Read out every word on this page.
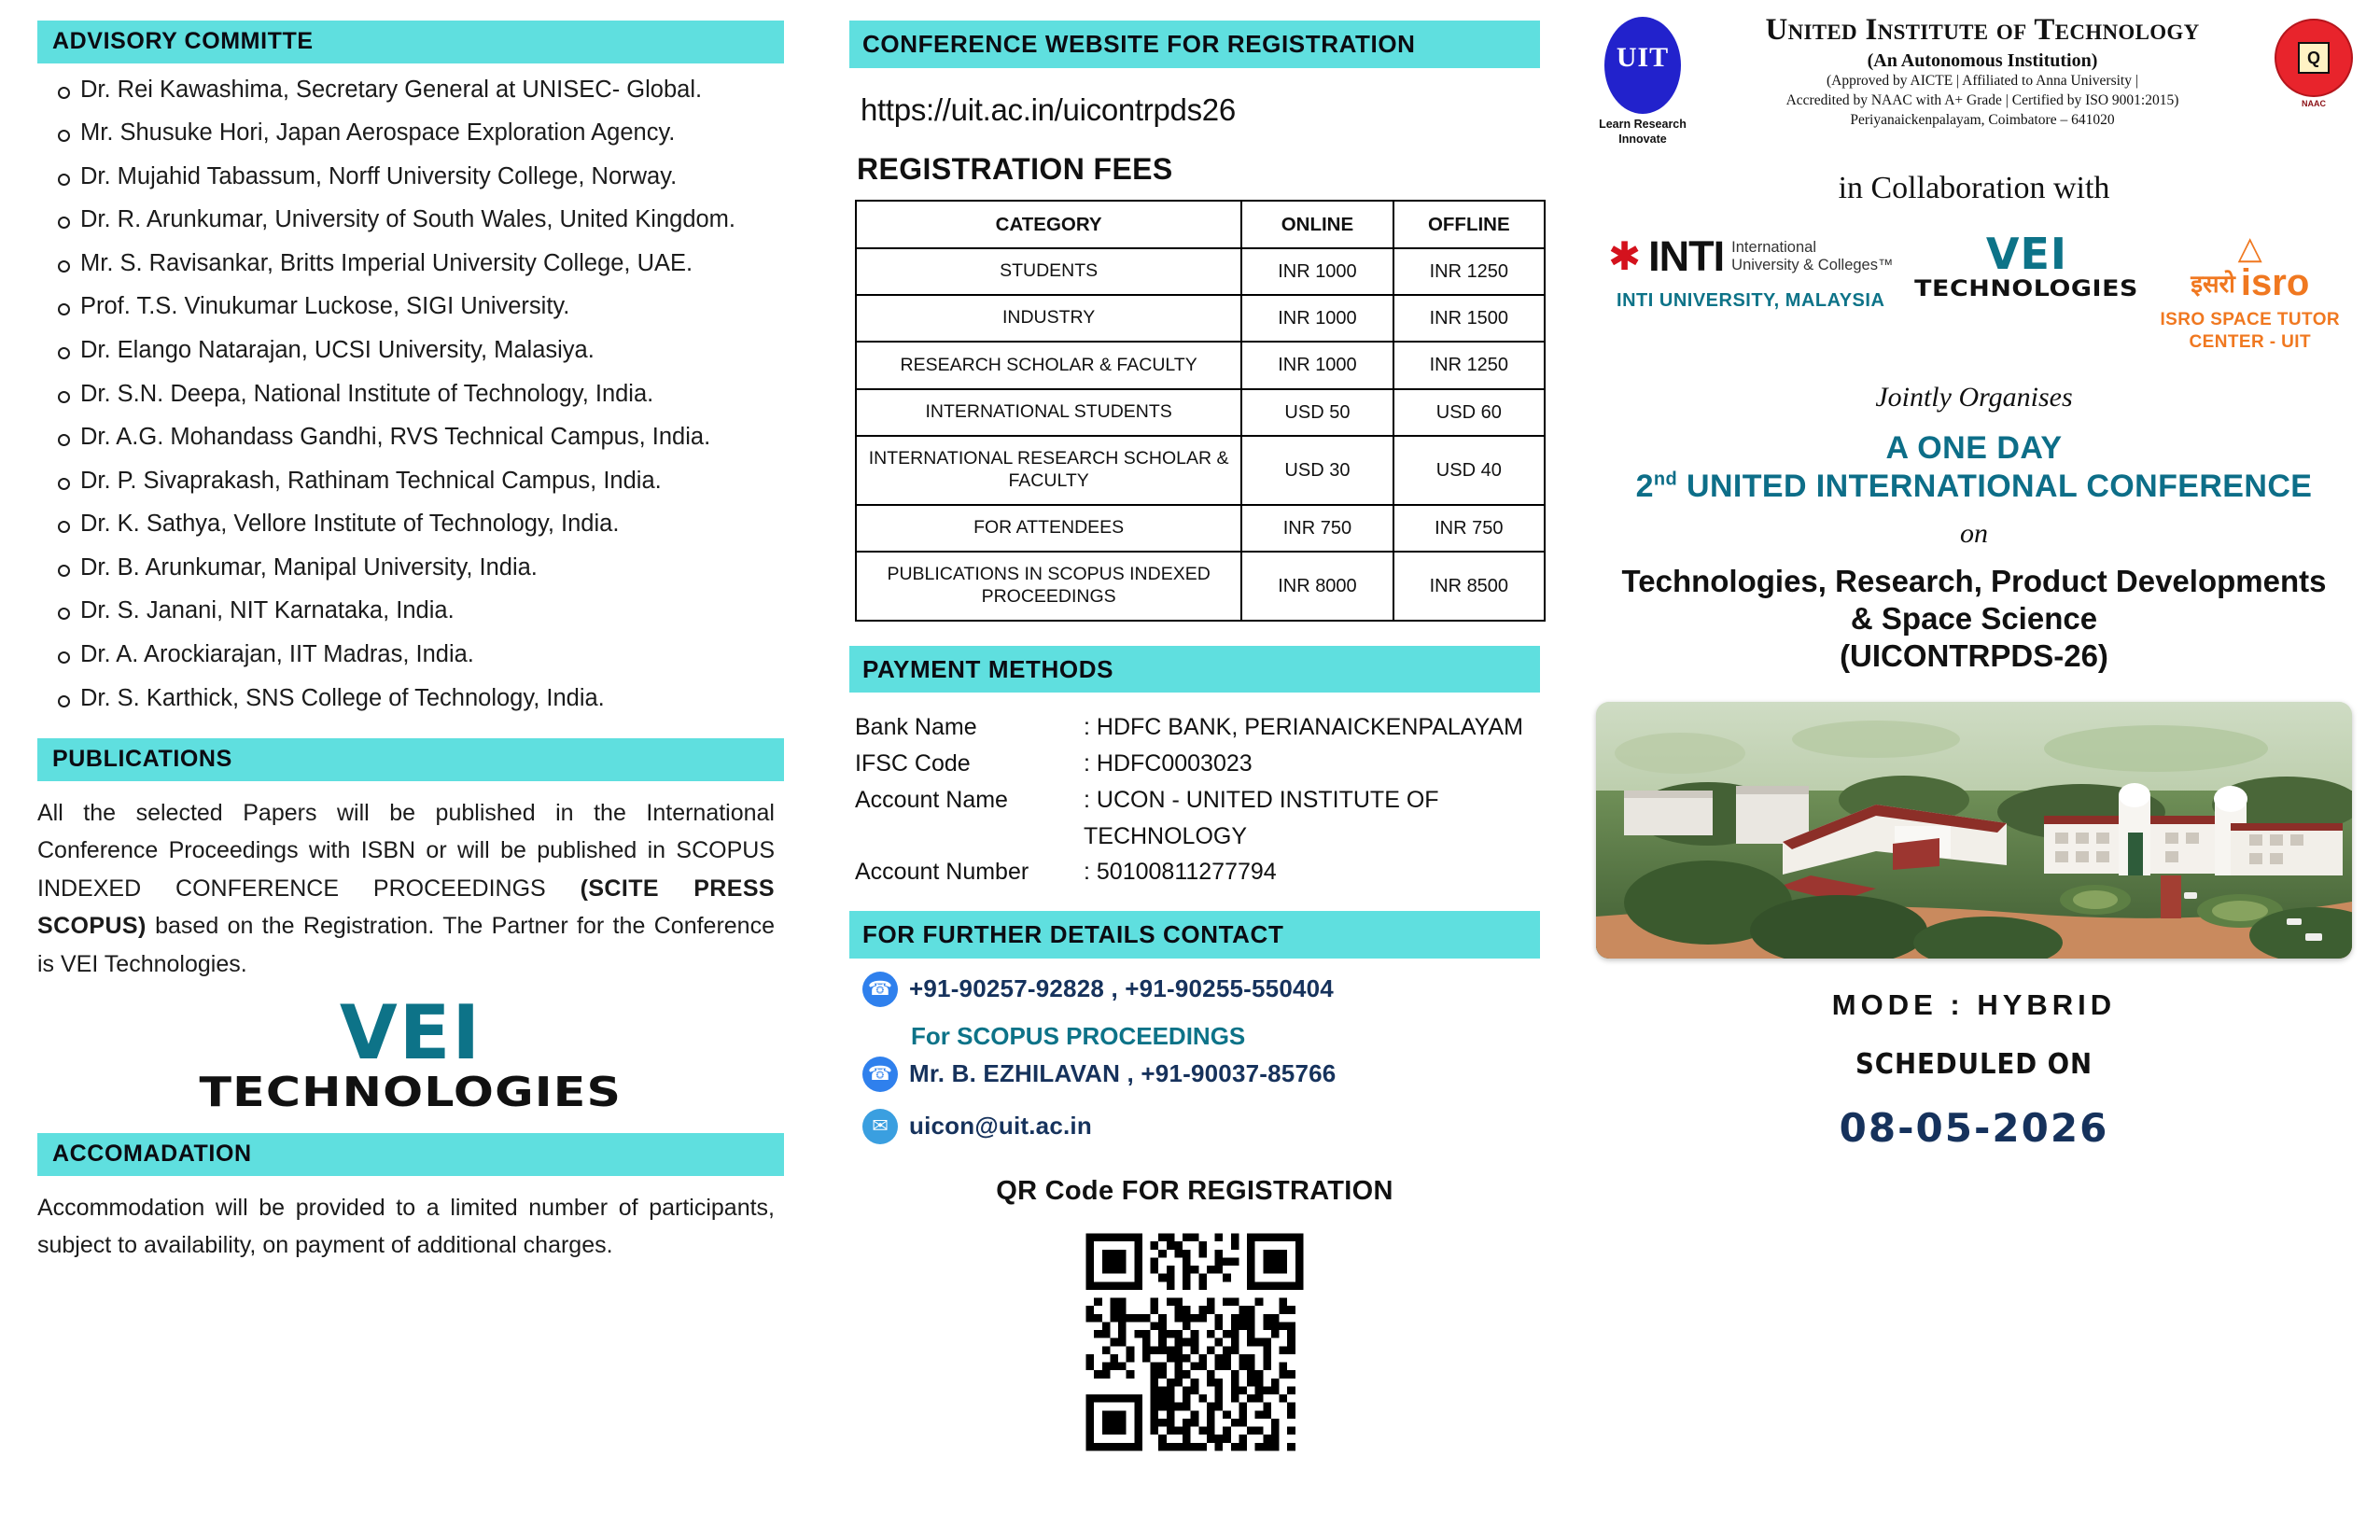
ADVISORY COMMITTE
Dr. Rei Kawashima, Secretary General at UNISEC- Global.
Mr. Shusuke Hori, Japan Aerospace Exploration Agency.
Dr. Mujahid Tabassum, Norff University College, Norway.
Dr. R. Arunkumar, University of South Wales, United Kingdom.
Mr. S. Ravisankar, Britts Imperial University College, UAE.
Prof. T.S. Vinukumar Luckose, SIGI University.
Dr. Elango Natarajan, UCSI University, Malasiya.
Dr. S.N. Deepa, National Institute of Technology, India.
Dr. A.G. Mohandass Gandhi, RVS Technical Campus, India.
Dr. P. Sivaprakash, Rathinam Technical Campus, India.
Dr. K. Sathya, Vellore Institute of Technology, India.
Dr. B. Arunkumar, Manipal University, India.
Dr. S. Janani, NIT Karnataka, India.
Dr. A. Arockiarajan, IIT Madras, India.
Dr. S. Karthick, SNS College of Technology, India.
PUBLICATIONS
All the selected Papers will be published in the International Conference Proceedings with ISBN or will be published in SCOPUS INDEXED CONFERENCE PROCEEDINGS (SCITE PRESS SCOPUS) based on the Registration. The Partner for the Conference is VEI Technologies.
VEI
TECHNOLOGIES
ACCOMADATION
Accommodation will be provided to a limited number of participants, subject to availability, on payment of additional charges.
CONFERENCE WEBSITE FOR REGISTRATION
https://uit.ac.in/uicontrpds26
REGISTRATION FEES
CATEGORY	ONLINE	OFFLINE
STUDENTS	INR 1000	INR 1250
INDUSTRY	INR 1000	INR 1500
RESEARCH SCHOLAR & FACULTY	INR 1000	INR 1250
INTERNATIONAL STUDENTS	USD 50	USD 60
INTERNATIONAL RESEARCH SCHOLAR & FACULTY	USD 30	USD 40
FOR ATTENDEES	INR 750	INR 750
PUBLICATIONS IN SCOPUS INDEXED PROCEEDINGS	INR 8000	INR 8500
PAYMENT METHODS
Bank Name	: HDFC BANK, PERIANAICKENPALAYAM
IFSC Code	: HDFC0003023
Account Name	: UCON - UNITED INSTITUTE OF TECHNOLOGY
Account Number	: 50100811277794
FOR FURTHER DETAILS CONTACT
☎ +91-90257-92828 , +91-90255-550404
For SCOPUS PROCEEDINGS
☎ Mr. B. EZHILAVAN , +91-90037-85766
✉ uicon@uit.ac.in
QR Code FOR REGISTRATION
UIT
Learn Research
Innovate
United Institute of Technology
(An Autonomous Institution)
(Approved by AICTE | Affiliated to Anna University |
Accredited by NAAC with A+ Grade | Certified by ISO 9001:2015)
Periyanaickenpalayam, Coimbatore – 641020
Q
NAAC
in Collaboration with
✱ INTI International
University & Colleges™
INTI UNIVERSITY, MALAYSIA
VEI
TECHNOLOGIES
△
इसरो isro
ISRO SPACE TUTOR
CENTER - UIT
Jointly Organises
A ONE DAY
2nd UNITED INTERNATIONAL CONFERENCE
on
Technologies, Research, Product Developments
& Space Science
(UICONTRPDS-26)
MODE : HYBRID
SCHEDULED ON
08-05-2026
